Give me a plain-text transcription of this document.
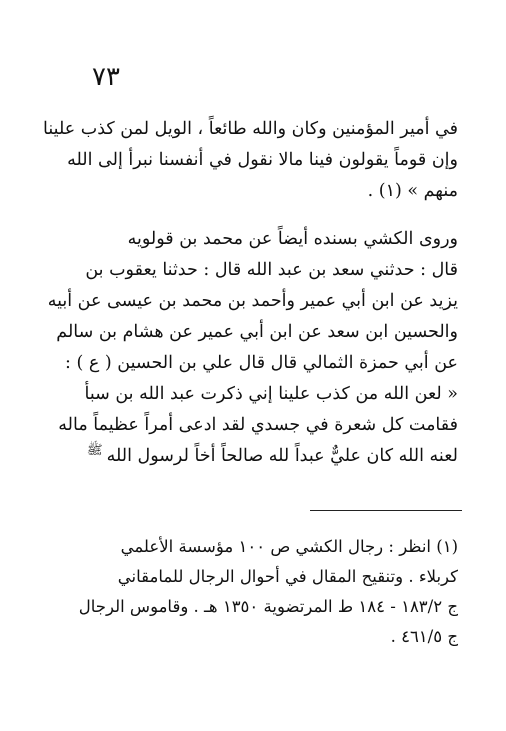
٧٣
في أمير المؤمنين وكان والله طائعاً ، الويل لمن كذب علينا
وإن قوماً يقولون فينا مالا نقول في أنفسنا نبرأ إلى الله
منهم » (١) .
وروى الكشي بسنده أيضاً عن محمد بن قولويه
قال : حدثني سعد بن عبد الله قال : حدثنا يعقوب بن
يزيد عن ابن أبي عمير وأحمد بن محمد بن عيسى عن أبيه
والحسين ابن سعد عن ابن أبي عمير عن هشام بن سالم
عن أبي حمزة الثمالي قال قال علي بن الحسين ( ع ) :
« لعن الله من كذب علينا إني ذكرت عبد الله بن سبأ
فقامت كل شعرة في جسدي لقد ادعى أمراً عظيماً ماله
لعنه الله كان عليٌّ عبداً لله صالحاً أخاً لرسول اللهﷺ
(١) انظر : رجال الكشي ص ١٠٠ مؤسسة الأعلمي
كربلاء . وتنقيح المقال في أحوال الرجال للمامقاني
ج ١٨٣/٢ - ١٨٤ ط المرتضوية ١٣٥٠ هـ . وقاموس الرجال
ج ٤٦١/٥ .
